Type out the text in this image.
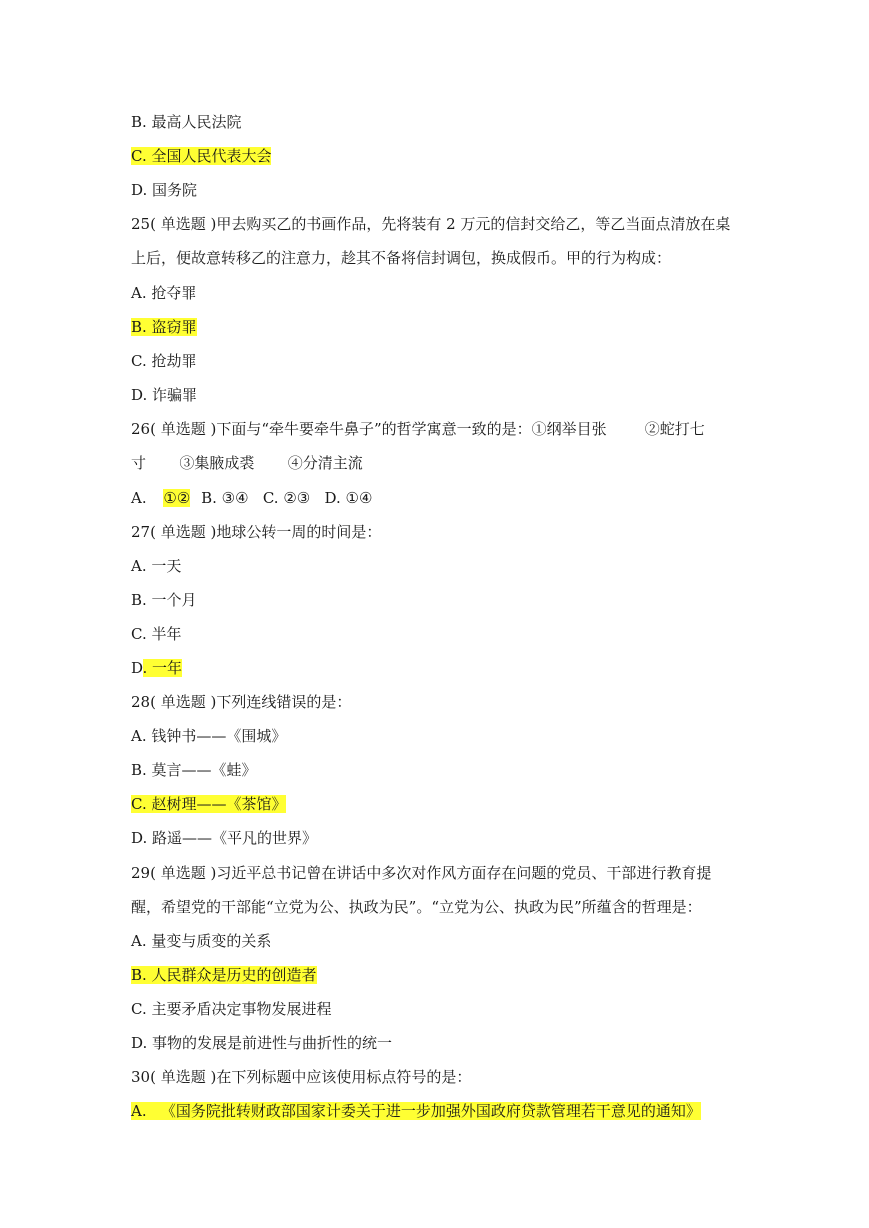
B. 最高人民法院
C. 全国人民代表大会
D. 国务院
25( 单选题 )甲去购买乙的书画作品，先将装有 2 万元的信封交给乙，等乙当面点清放在桌
上后，便故意转移乙的注意力，趁其不备将信封调包，换成假币。甲的行为构成：
A. 抢夺罪
B. 盗窃罪
C. 抢劫罪
D. 诈骗罪
26( 单选题 )下面与“牵牛要牵牛鼻子”的哲学寓意一致的是：①纲举目张        ②蛇打七
寸       ③集腋成裘       ④分清主流
A. ①② B. ③④   C. ②③   D. ①④
27( 单选题 )地球公转一周的时间是：
A. 一天
B. 一个月
C. 半年
D. 一年
28( 单选题 )下列连线错误的是：
A. 钱钟书——《围城》
B. 莫言——《蛙》
C. 赵树理——《茶馆》
D. 路遥——《平凡的世界》
29( 单选题 )习近平总书记曾在讲话中多次对作风方面存在问题的党员、干部进行教育提
醒，希望党的干部能“立党为公、执政为民”。“立党为公、执政为民”所蕴含的哲理是：
A. 量变与质变的关系
B. 人民群众是历史的创造者
C. 主要矛盾决定事物发展进程
D. 事物的发展是前进性与曲折性的统一
30( 单选题 )在下列标题中应该使用标点符号的是：
A.   《国务院批转财政部国家计委关于进一步加强外国政府贷款管理若干意见的通知》
